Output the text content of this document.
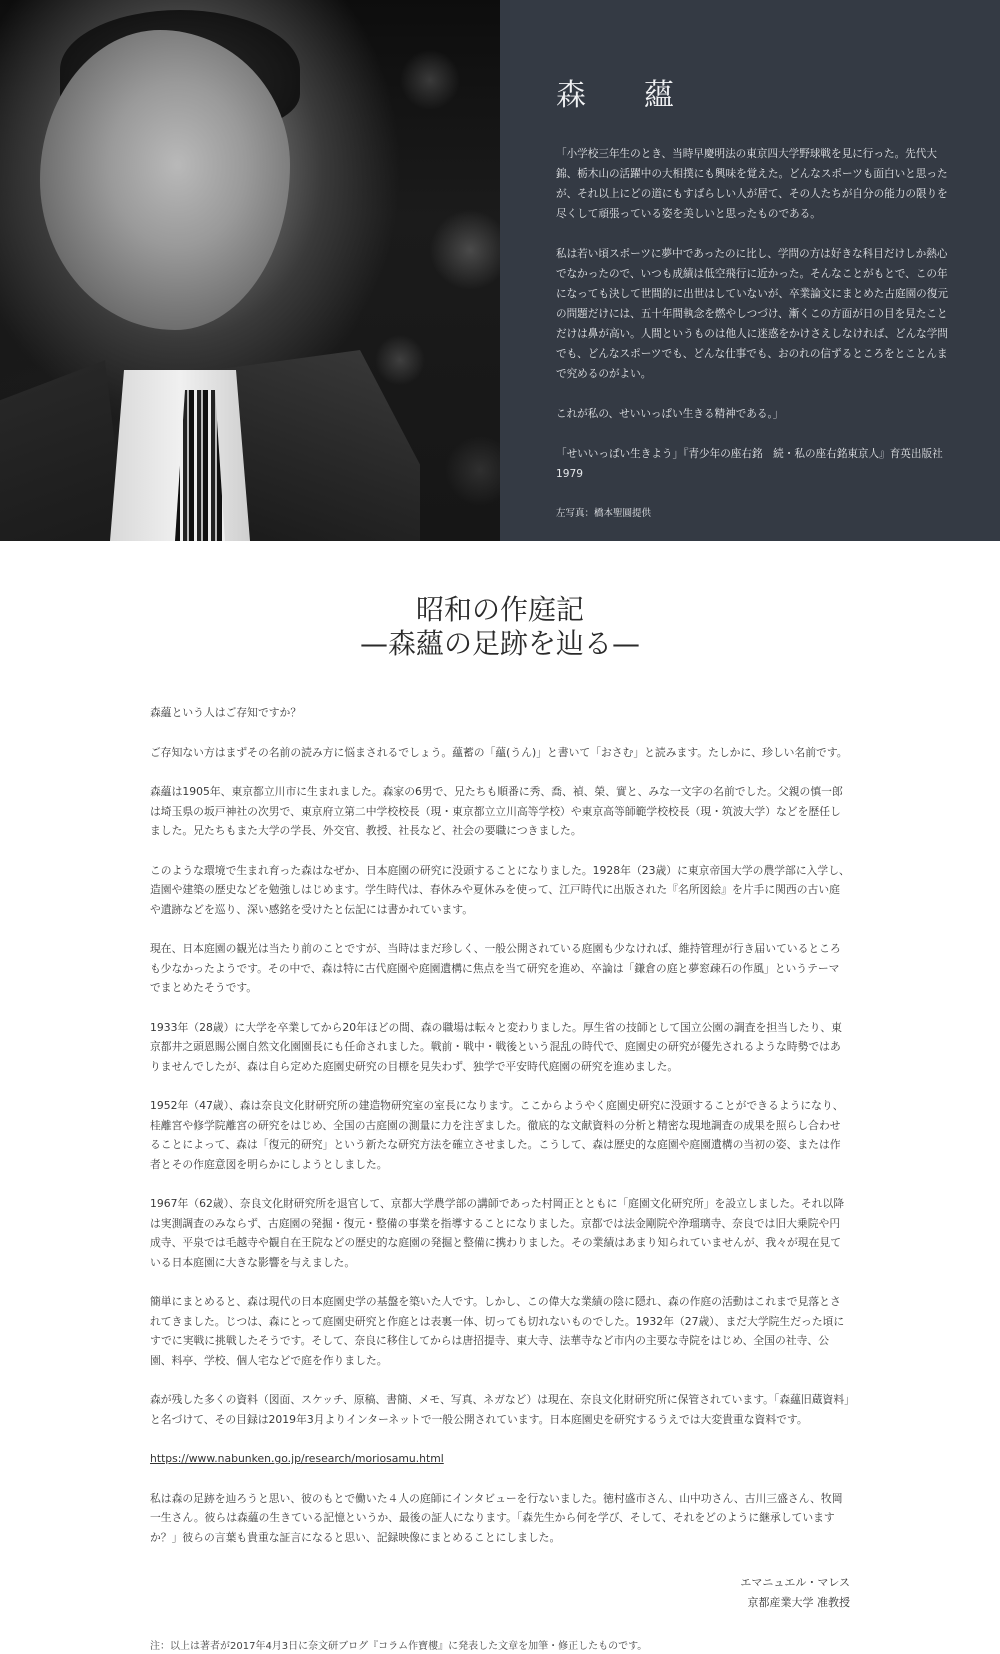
森　蘊

「小学校三年生のとき、当時早慶明法の東京四大学野球戦を見に行った。先代大錦、栃木山の活躍中の大相撲にも興味を覚えた。どんなスポーツも面白いと思ったが、それ以上にどの道にもすばらしい人が居て、その人たちが自分の能力の限りを尽くして頑張っている姿を美しいと思ったものである。

私は若い頃スポーツに夢中であったのに比し、学問の方は好きな科目だけしか熱心でなかったので、いつも成績は低空飛行に近かった。そんなことがもとで、この年になっても決して世間的に出世はしていないが、卒業論文にまとめた古庭園の復元の問題だけには、五十年間執念を燃やしつづけ、漸くこの方面が日の目を見たことだけは鼻が高い。人間というものは他人に迷惑をかけさえしなければ、どんな学問でも、どんなスポーツでも、どんな仕事でも、おのれの信ずるところをとことんまで究めるのがよい。

これが私の、せいいっぱい生きる精神である。」

「せいいっぱい生きよう」『青少年の座右銘　続・私の座右銘東京人』育英出版社 1979

左写真：橋本聖圓提供

昭和の作庭記
—森蘊の足跡を辿る—

森蘊という人はご存知ですか？

ご存知ない方はまずその名前の読み方に悩まされるでしょう。蘊蓄の「蘊(うん)」と書いて「おさむ」と読みます。たしかに、珍しい名前です。

森蘊は1905年、東京都立川市に生まれました。森家の6男で、兄たちも順番に秀、喬、禎、榮、實と、みな一文字の名前でした。父親の慎一郎は埼玉県の坂戸神社の次男で、東京府立第二中学校校長（現・東京都立立川高等学校）や東京高等師範学校校長（現・筑波大学）などを歴任しました。兄たちもまた大学の学長、外交官、教授、社長など、社会の要職につきました。

このような環境で生まれ育った森はなぜか、日本庭園の研究に没頭することになりました。1928年（23歳）に東京帝国大学の農学部に入学し、造園や建築の歴史などを勉強しはじめます。学生時代は、春休みや夏休みを使って、江戸時代に出版された『名所図絵』を片手に関西の古い庭や遺跡などを巡り、深い感銘を受けたと伝記には書かれています。

現在、日本庭園の観光は当たり前のことですが、当時はまだ珍しく、一般公開されている庭園も少なければ、維持管理が行き届いているところも少なかったようです。その中で、森は特に古代庭園や庭園遺構に焦点を当て研究を進め、卒論は「鎌倉の庭と夢窓疎石の作風」というテーマでまとめたそうです。

1933年（28歳）に大学を卒業してから20年ほどの間、森の職場は転々と変わりました。厚生省の技師として国立公園の調査を担当したり、東京都井之頭恩賜公園自然文化園園長にも任命されました。戦前・戦中・戦後という混乱の時代で、庭園史の研究が優先されるような時勢ではありませんでしたが、森は自ら定めた庭園史研究の目標を見失わず、独学で平安時代庭園の研究を進めました。

1952年（47歳）、森は奈良文化財研究所の建造物研究室の室長になります。ここからようやく庭園史研究に没頭することができるようになり、桂離宮や修学院離宮の研究をはじめ、全国の古庭園の測量に力を注ぎました。徹底的な文献資料の分析と精密な現地調査の成果を照らし合わせることによって、森は「復元的研究」という新たな研究方法を確立させました。こうして、森は歴史的な庭園や庭園遺構の当初の姿、または作者とその作庭意図を明らかにしようとしました。

1967年（62歳）、奈良文化財研究所を退官して、京都大学農学部の講師であった村岡正とともに「庭園文化研究所」を設立しました。それ以降は実測調査のみならず、古庭園の発掘・復元・整備の事業を指導することになりました。京都では法金剛院や浄瑠璃寺、奈良では旧大乗院や円成寺、平泉では毛越寺や観自在王院などの歴史的な庭園の発掘と整備に携わりました。その業績はあまり知られていませんが、我々が現在見ている日本庭園に大きな影響を与えました。

簡単にまとめると、森は現代の日本庭園史学の基盤を築いた人です。しかし、この偉大な業績の陰に隠れ、森の作庭の活動はこれまで見落とされてきました。じつは、森にとって庭園史研究と作庭とは表裏一体、切っても切れないものでした。1932年（27歳）、まだ大学院生だった頃にすでに実戦に挑戦したそうです。そして、奈良に移住してからは唐招提寺、東大寺、法華寺など市内の主要な寺院をはじめ、全国の社寺、公園、料亭、学校、個人宅などで庭を作りました。

森が残した多くの資料（図面、スケッチ、原稿、書簡、メモ、写真、ネガなど）は現在、奈良文化財研究所に保管されています。「森蘊旧蔵資料」と名づけて、その目録は2019年3月よりインターネットで一般公開されています。日本庭園史を研究するうえでは大変貴重な資料です。

https://www.nabunken.go.jp/research/moriosamu.html

私は森の足跡を辿ろうと思い、彼のもとで働いた４人の庭師にインタビューを行ないました。徳村盛市さん、山中功さん、古川三盛さん、牧岡一生さん。彼らは森蘊の生きている記憶というか、最後の証人になります。「森先生から何を学び、そして、それをどのように継承していますか？」彼らの言葉も貴重な証言になると思い、記録映像にまとめることにしました。

エマニュエル・マレス
京都産業大学 准教授
注：以上は著者が2017年4月3日に奈文研ブログ『コラム作寶樓』に発表した文章を加筆・修正したものです。
